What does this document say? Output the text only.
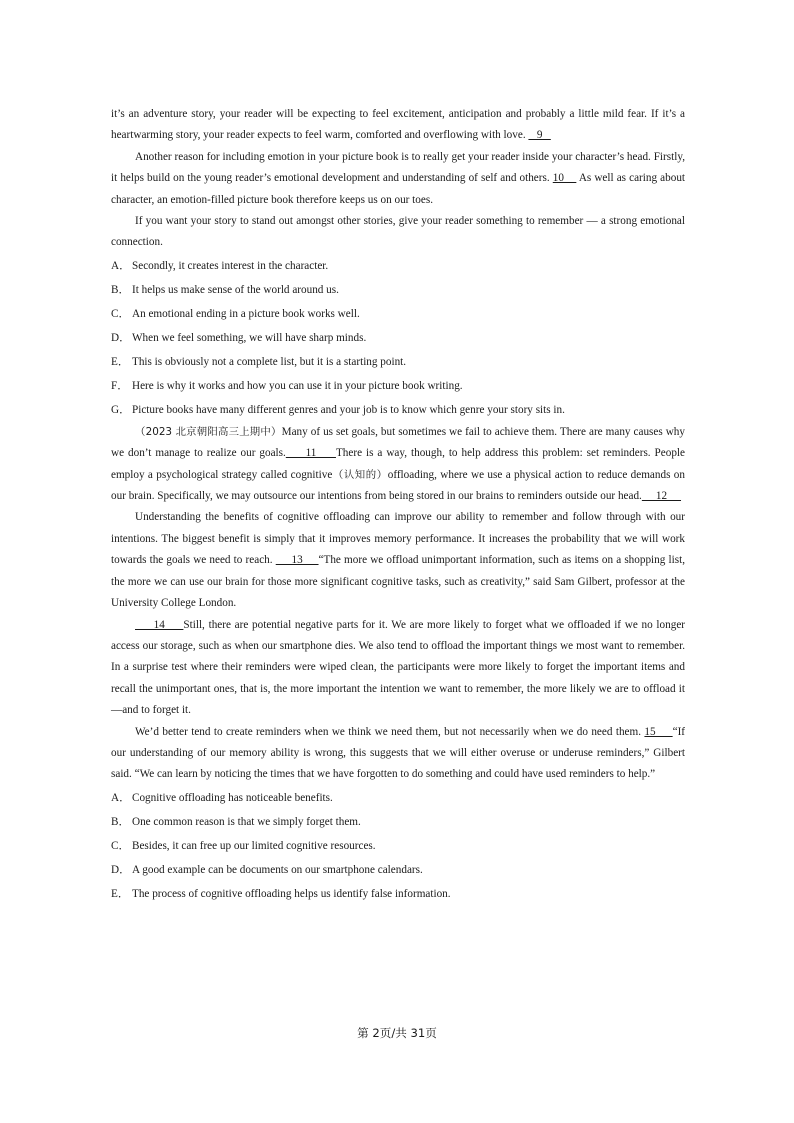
it’s an adventure story, your reader will be expecting to feel excitement, anticipation and probably a little mild fear. If it’s a heartwarming story, your reader expects to feel warm, comforted and overflowing with love.    9

Another reason for including emotion in your picture book is to really get your reader inside your character’s head. Firstly, it helps build on the young reader’s emotional development and understanding of self and others. 10     As well as caring about character, an emotion-filled picture book therefore keeps us on our toes.

If you want your story to stand out amongst other stories, give your reader something to remember — a strong emotional connection.

A． Secondly, it creates interest in the character.

B． It helps us make sense of the world around us.

C． An emotional ending in a picture book works well.

D． When we feel something, we will have sharp minds.

E． This is obviously not a complete list, but it is a starting point.

F． Here is why it works and how you can use it in your picture book writing.

G． Picture books have many different genres and your job is to know which genre your story sits in.

（2023 北京朝阳高三上期中）Many of us set goals, but sometimes we fail to achieve them. There are many causes why we don’t manage to realize our goals.     11     There is a way, though, to help address this problem: set reminders. People employ a psychological strategy called cognitive（认知的）offloading, where we use a physical action to reduce demands on our brain. Specifically, we may outsource our intentions from being stored in our brains to reminders outside our head.     12

Understanding the benefits of cognitive offloading can improve our ability to remember and follow through with our intentions. The biggest benefit is simply that it improves memory performance. It increases the probability that we will work towards the goals we need to reach.      13     “The more we offload unimportant information, such as items on a shopping list, the more we can use our brain for those more significant cognitive tasks, such as creativity,” said Sam Gilbert, professor at the University College London.

14     Still, there are potential negative parts for it. We are more likely to forget what we offloaded if we no longer access our storage, such as when our smartphone dies. We also tend to offload the important things we most want to remember. In a surprise test where their reminders were wiped clean, the participants were more likely to forget the important items and recall the unimportant ones, that is, the more important the intention we want to remember, the more likely we are to offload it—and to forget it.

We’d better tend to create reminders when we think we need them, but not necessarily when we do need them. 15     “If our understanding of our memory ability is wrong, this suggests that we will either overuse or underuse reminders,” Gilbert said. “We can learn by noticing the times that we have forgotten to do something and could have used reminders to help.”

A． Cognitive offloading has noticeable benefits.

B． One common reason is that we simply forget them.

C． Besides, it can free up our limited cognitive resources.

D． A good example can be documents on our smartphone calendars.

E． The process of cognitive offloading helps us identify false information.

第 2页/共 31页
